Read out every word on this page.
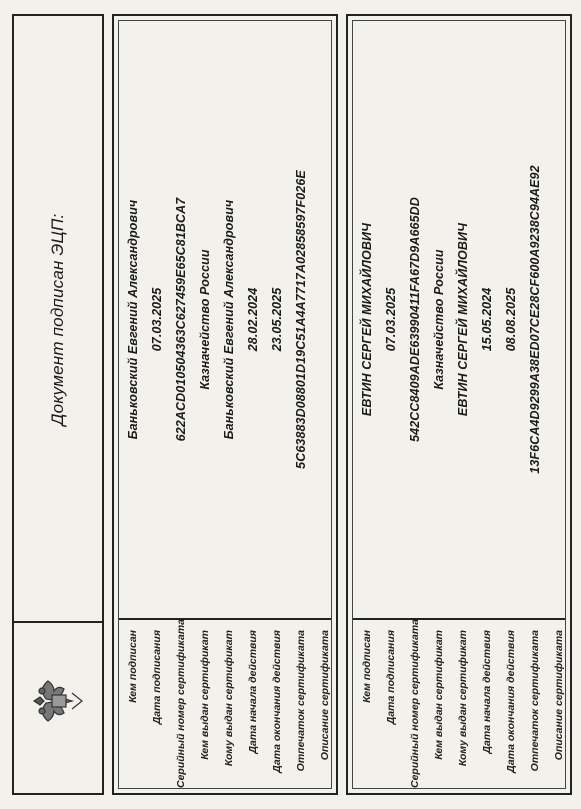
Документ подписан ЭЦП:
Кем подписан Дата подписания Серийный номер сертификата Кем выдан сертификат Кому выдан сертификат Дата начала действия Дата окончания действия Отпечаток сертификата Описание сертификата
Баньковский Евгений Александрович 07.03.2025 622ACD010504363C627459E65C81BCA7 Казначейство России Баньковский Евгений Александрович 28.02.2024 23.05.2025 5C63883D08801D19C51A4A7717A02858597F026E
Кем подписан Дата подписания Серийный номер сертификата Кем выдан сертификат Кому выдан сертификат Дата начала действия Дата окончания действия Отпечаток сертификата Описание сертификата
ЕВТИН СЕРГЕЙ МИХАЙЛОВИЧ 07.03.2025 542CC8409ADE63990411FA67D9A665DD Казначейство России ЕВТИН СЕРГЕЙ МИХАЙЛОВИЧ 15.05.2024 08.08.2025 13F6CA4D9299A38ED07CE28CF600A9238C94AE92
